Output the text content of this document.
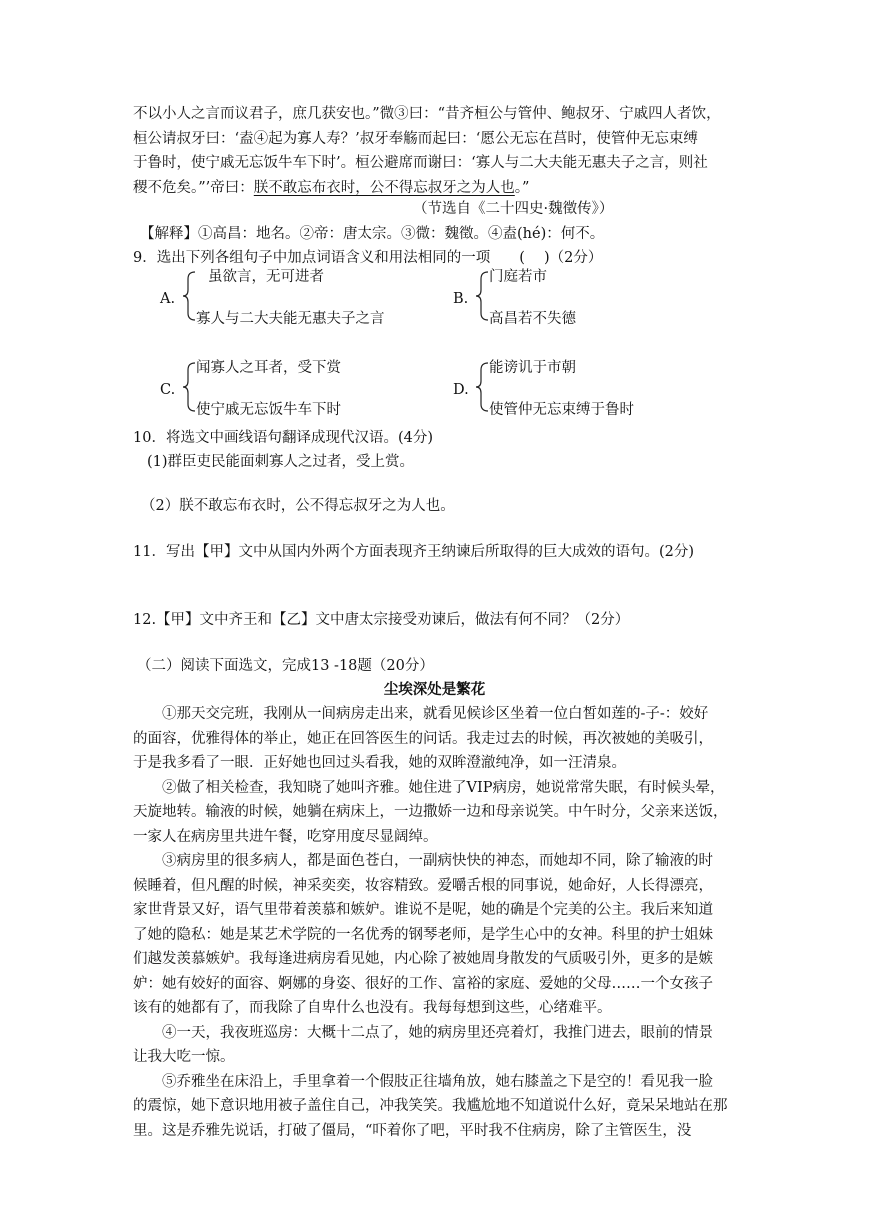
不以小人之言而议君子，庶几获安也。”微③曰：“昔齐桓公与管仲、鲍叔牙、宁戚四人者饮，

桓公请叔牙曰：‘盍④起为寡人寿？’叔牙奉觞而起曰：‘愿公无忘在莒时，使管仲无忘束缚

于鲁时，使宁戚无忘饭牛车下时’。桓公避席而谢曰：‘寡人与二大夫能无惠夫子之言，则社

稷不危矣。”’帝曰：朕不敢忘布衣时，公不得忘叔牙之为人也。”

（节选自《二十四史·魏徵传》）
【解释】①高昌：地名。②帝：唐太宗。③微：魏徵。④盍(hé)：何不。
9．选出下列各组句子中加点词语含义和用法相同的一项　　(　 )（2分）
A.
虽欲言，无可进者
寡人与二大夫能无惠夫子之言
B.
门庭若市
高昌若不失德
C.
闻寡人之耳者，受下赏
使宁戚无忘饭牛车下时
D.
能谤讥于市朝
使管仲无忘束缚于鲁时
10．将选文中画线语句翻译成现代汉语。(4分)
(1)群臣吏民能面刺寡人之过者，受上赏。
（2）朕不敢忘布衣时，公不得忘叔牙之为人也。
11．写出【甲】文中从国内外两个方面表现齐王纳谏后所取得的巨大成效的语句。(2分)
12.【甲】文中齐王和【乙】文中唐太宗接受劝谏后，做法有何不同？（2分）
（二）阅读下面选文，完成13 -18题（20分）
尘埃深处是繁花

①那天交完班，我刚从一间病房走出来，就看见候诊区坐着一位白皙如莲的-子-：姣好

的面容，优雅得体的举止，她正在回答医生的问话。我走过去的时候，再次被她的美吸引，

于是我多看了一眼．正好她也回过头看我，她的双眸澄澈纯净，如一汪清泉。

②做了相关检查，我知晓了她叫齐雅。她住进了VIP病房，她说常常失眠，有时候头晕，

天旋地转。输液的时候，她躺在病床上，一边撒娇一边和母亲说笑。中午时分，父亲来送饭，

一家人在病房里共进午餐，吃穿用度尽显阔绰。

③病房里的很多病人，都是面色苍白，一副病快快的神态，而她却不同，除了输液的时

候睡着，但凡醒的时候，神采奕奕，妆容精致。爱嚼舌根的同事说，她命好，人长得漂亮，

家世背景又好，语气里带着羡慕和嫉妒。谁说不是呢，她的确是个完美的公主。我后来知道

了她的隐私：她是某艺术学院的一名优秀的钢琴老师，是学生心中的女神。科里的护士姐妹

们越发羡慕嫉妒。我每逢进病房看见她，内心除了被她周身散发的气质吸引外，更多的是嫉

妒：她有姣好的面容、婀娜的身姿、很好的工作、富裕的家庭、爱她的父母……一个女孩子

该有的她都有了，而我除了自卑什么也没有。我每每想到这些，心绪难平。

④一天，我夜班巡房：大概十二点了，她的病房里还亮着灯，我推门进去，眼前的情景

让我大吃一惊。

⑤乔雅坐在床沿上，手里拿着一个假肢正往墙角放，她右膝盖之下是空的！看见我一脸

的震惊，她下意识地用被子盖住自己，冲我笑笑。我尴尬地不知道说什么好，竟呆呆地站在那

里。这是乔雅先说话，打破了僵局，“吓着你了吧，平时我不住病房，除了主管医生，没
